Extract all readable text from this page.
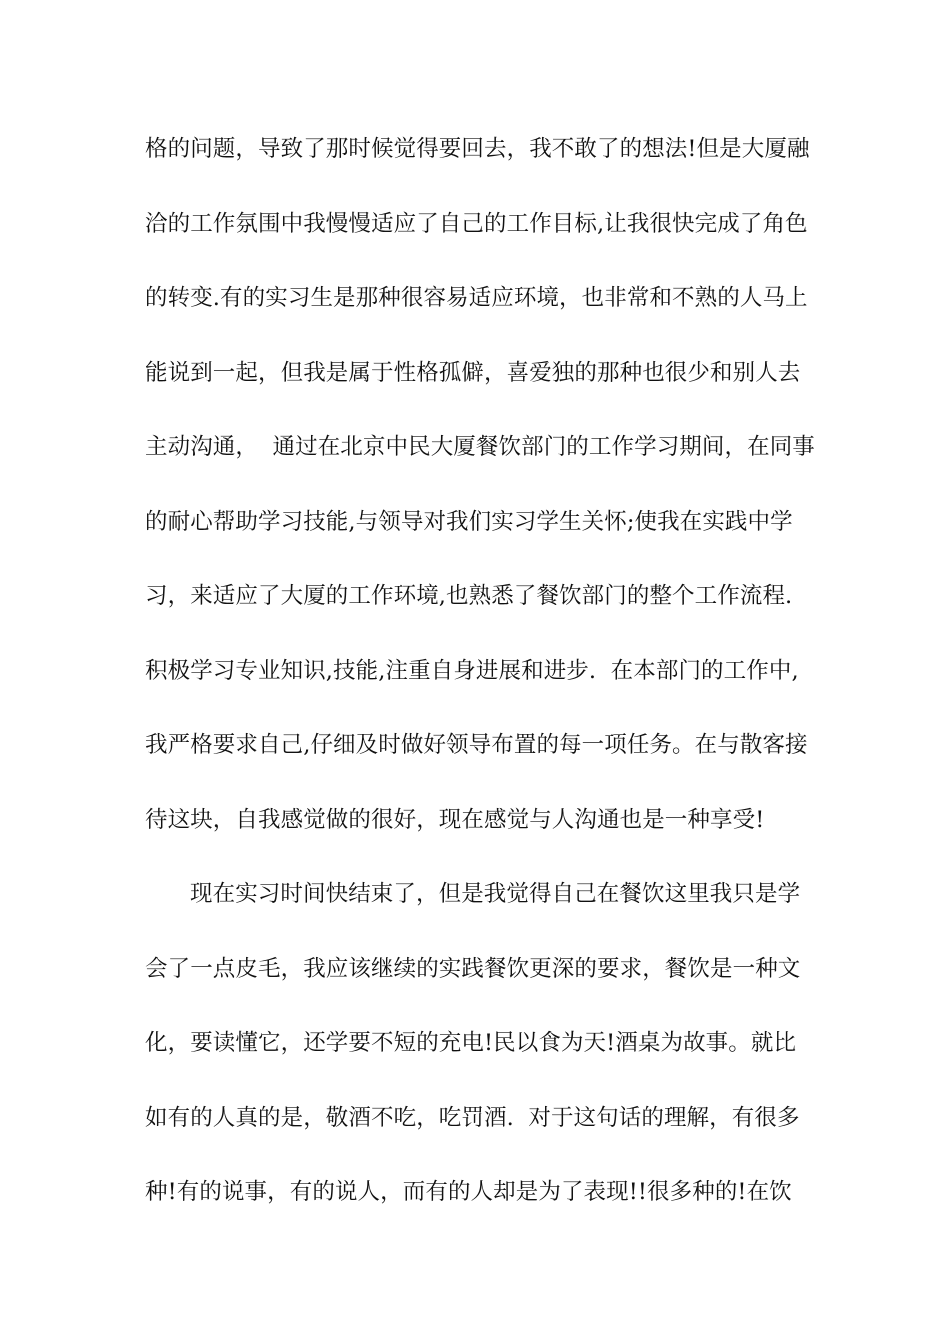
格的问题，导致了那时候觉得要回去，我不敢了的想法!但是大厦融
洽的工作氛围中我慢慢适应了自己的工作目标,让我很快完成了角色
的转变.有的实习生是那种很容易适应环境，也非常和不熟的人马上
能说到一起，但我是属于性格孤僻，喜爱独的那种也很少和别人去
主动沟通，  通过在北京中民大厦餐饮部门的工作学习期间，在同事
的耐心帮助学习技能,与领导对我们实习学生关怀;使我在实践中学
习，来适应了大厦的工作环境,也熟悉了餐饮部门的整个工作流程.
积极学习专业知识,技能,注重自身进展和进步.  在本部门的工作中,
我严格要求自己,仔细及时做好领导布置的每一项任务。在与散客接
待这块，自我感觉做的很好，现在感觉与人沟通也是一种享受!
现在实习时间快结束了，但是我觉得自己在餐饮这里我只是学
会了一点皮毛，我应该继续的实践餐饮更深的要求，餐饮是一种文
化，要读懂它，还学要不短的充电!民以食为天!酒桌为故事。就比
如有的人真的是，敬酒不吃，吃罚酒.  对于这句话的理解，有很多
种!有的说事，有的说人，而有的人却是为了表现!!很多种的!在饮
